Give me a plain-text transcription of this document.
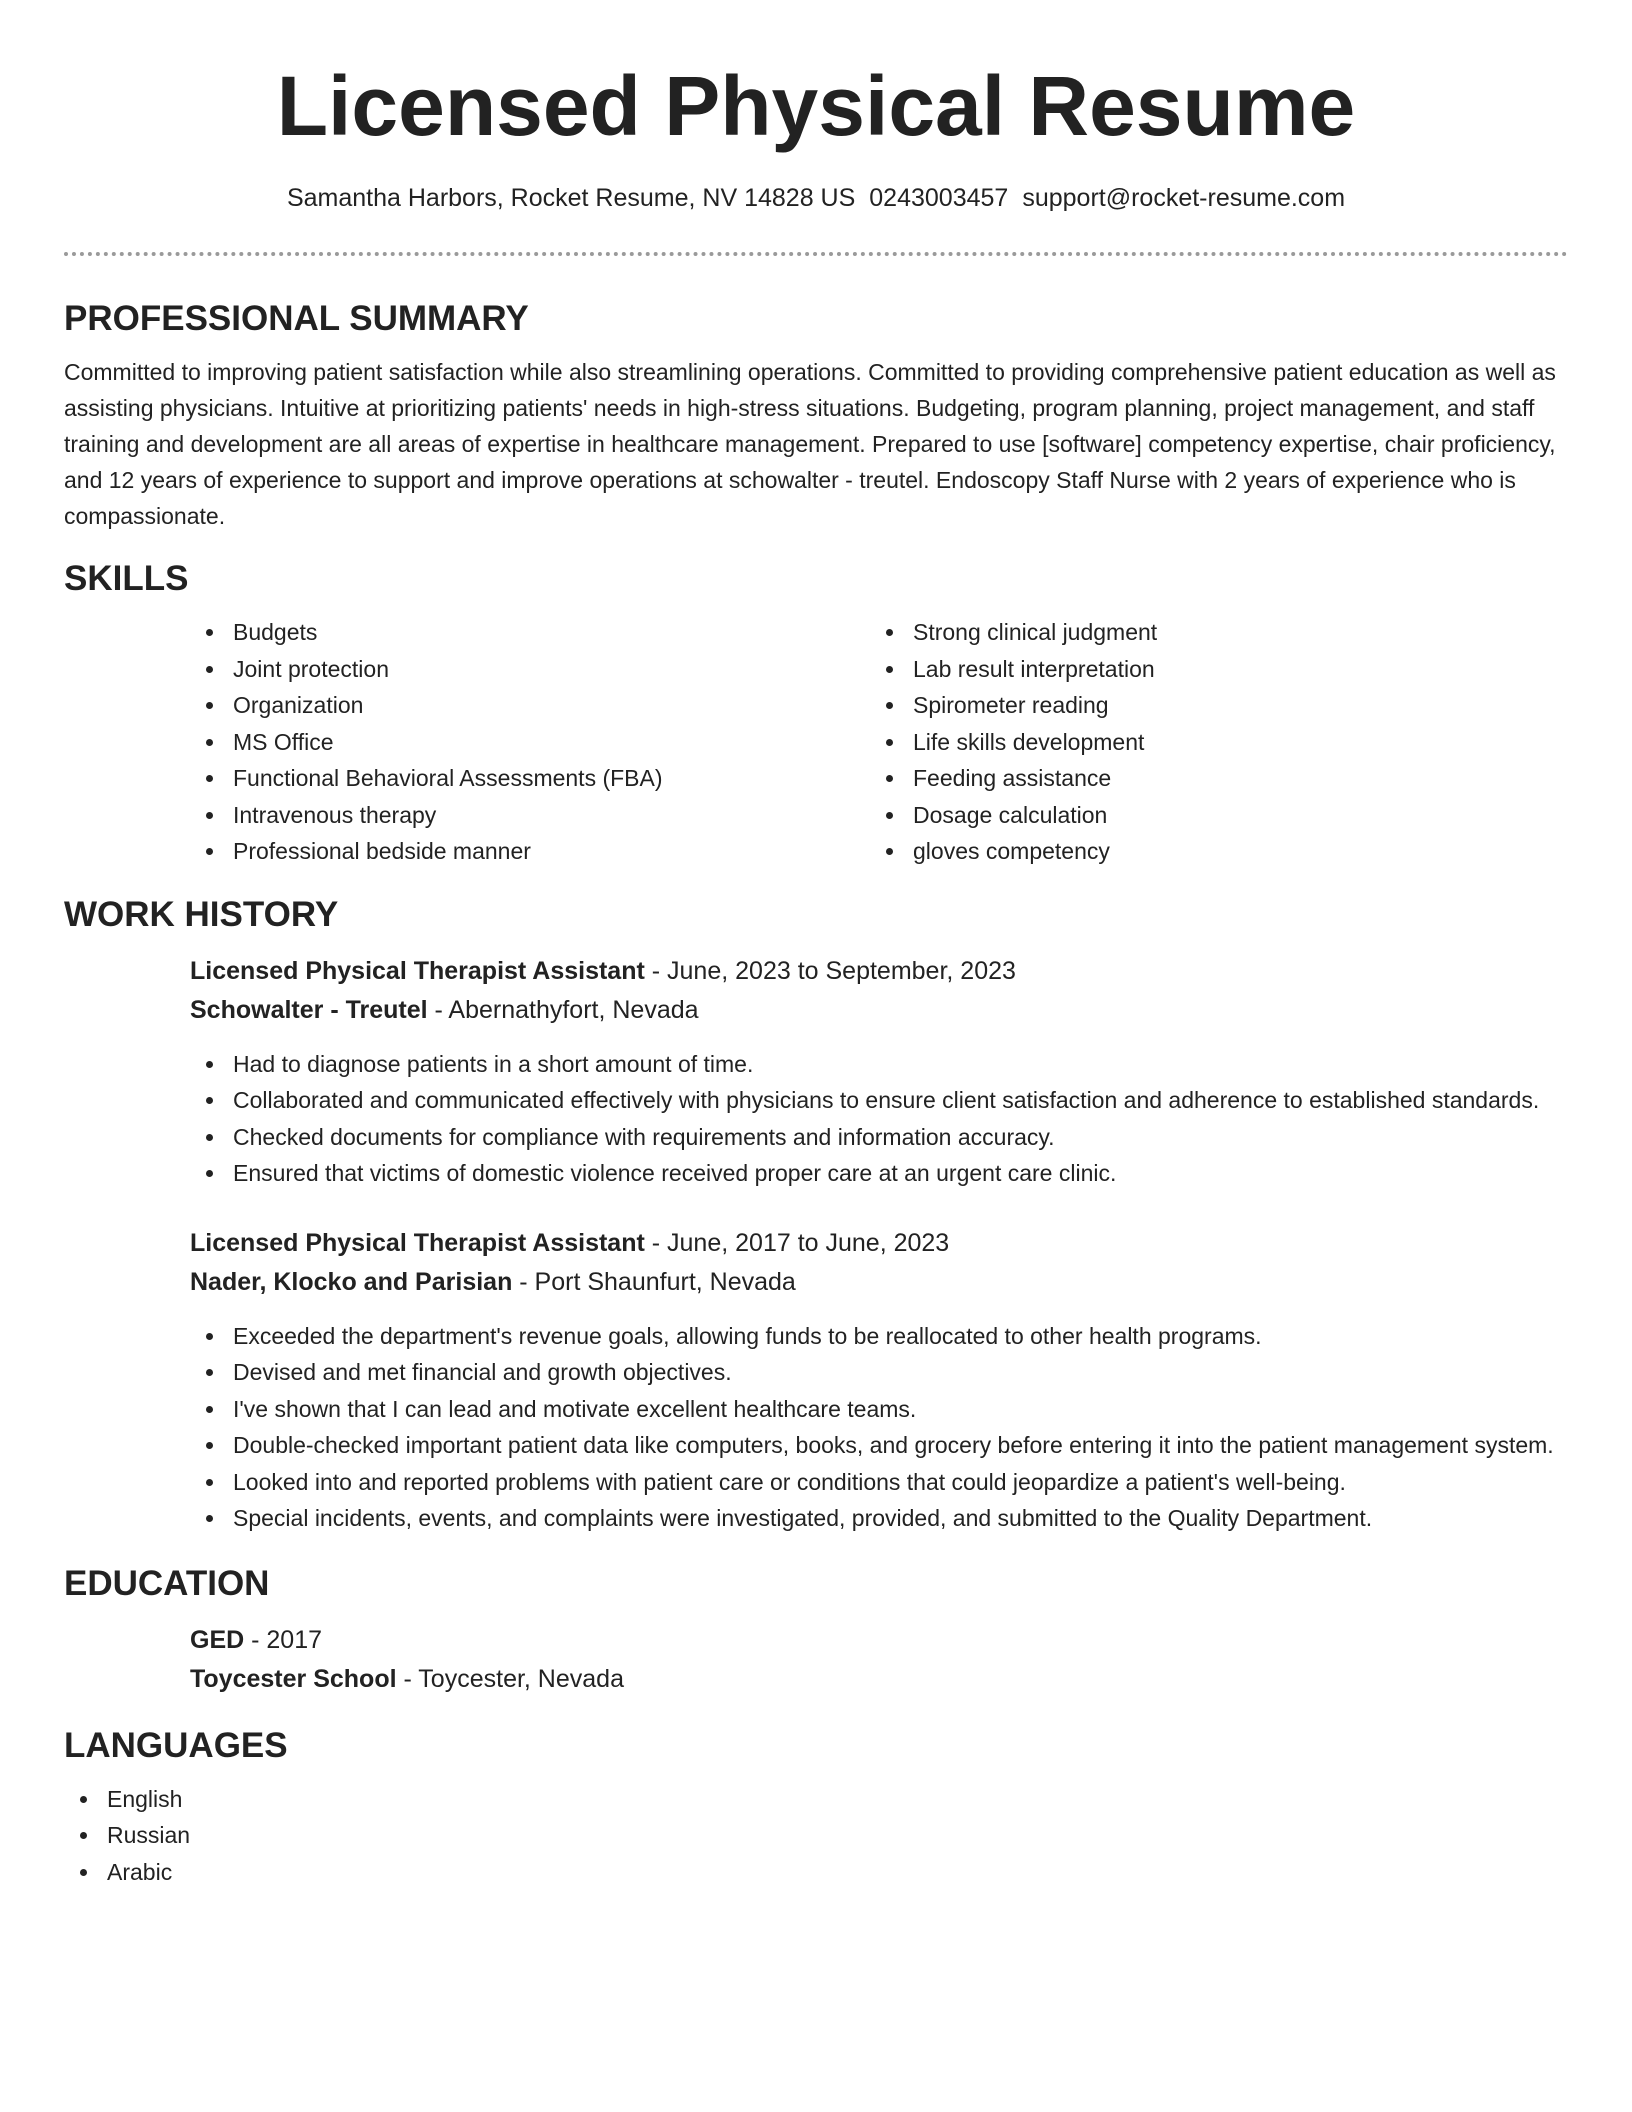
Licensed Physical Resume
Samantha Harbors, Rocket Resume, NV 14828 US 0243003457 support@rocket-resume.com
PROFESSIONAL SUMMARY

Committed to improving patient satisfaction while also streamlining operations. Committed to providing comprehensive patient education as well as assisting physicians. Intuitive at prioritizing patients' needs in high-stress situations. Budgeting, program planning, project management, and staff training and development are all areas of expertise in healthcare management. Prepared to use [software] competency expertise, chair proficiency, and 12 years of experience to support and improve operations at schowalter - treutel. Endoscopy Staff Nurse with 2 years of experience who is compassionate.

SKILLS
Budgets
Joint protection
Organization
MS Office
Functional Behavioral Assessments (FBA)
Intravenous therapy
Professional bedside manner
Strong clinical judgment
Lab result interpretation
Spirometer reading
Life skills development
Feeding assistance
Dosage calculation
gloves competency
WORK HISTORY
Licensed Physical Therapist Assistant - June, 2023 to September, 2023
Schowalter - Treutel - Abernathyfort, Nevada
Had to diagnose patients in a short amount of time.
Collaborated and communicated effectively with physicians to ensure client satisfaction and adherence to established standards.
Checked documents for compliance with requirements and information accuracy.
Ensured that victims of domestic violence received proper care at an urgent care clinic.
Licensed Physical Therapist Assistant - June, 2017 to June, 2023
Nader, Klocko and Parisian - Port Shaunfurt, Nevada
Exceeded the department's revenue goals, allowing funds to be reallocated to other health programs.
Devised and met financial and growth objectives.
I've shown that I can lead and motivate excellent healthcare teams.
Double-checked important patient data like computers, books, and grocery before entering it into the patient management system.
Looked into and reported problems with patient care or conditions that could jeopardize a patient's well-being.
Special incidents, events, and complaints were investigated, provided, and submitted to the Quality Department.
EDUCATION
GED - 2017
Toycester School - Toycester, Nevada
LANGUAGES
English
Russian
Arabic
